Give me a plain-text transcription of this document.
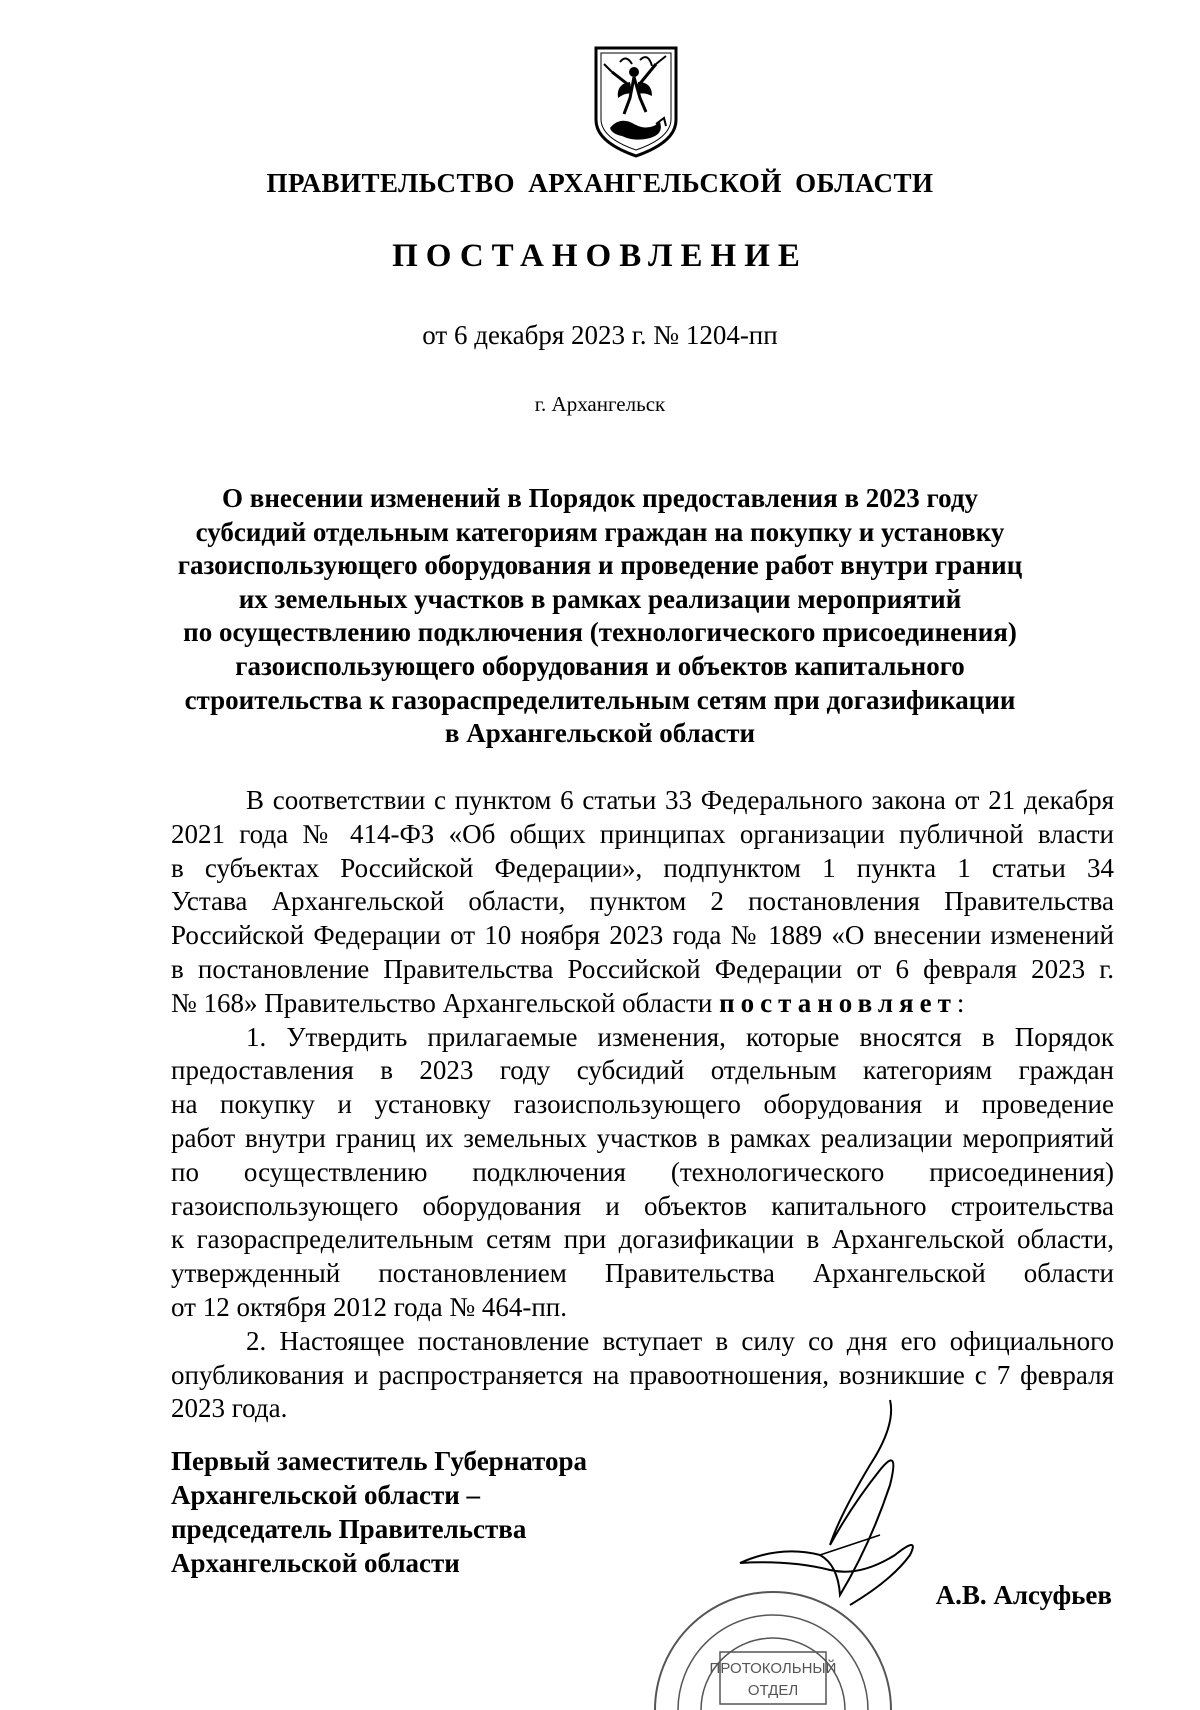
ПРАВИТЕЛЬСТВО АРХАНГЕЛЬСКОЙ ОБЛАСТИ
ПОСТАНОВЛЕНИЕ
от 6 декабря 2023 г. № 1204-пп
г. Архангельск
О внесении изменений в Порядок предоставления в 2023 году
субсидий отдельным категориям граждан на покупку и установку
газоиспользующего оборудования и проведение работ внутри границ
их земельных участков в рамках реализации мероприятий
по осуществлению подключения (технологического присоединения)
газоиспользующего оборудования и объектов капитального
строительства к газораспределительным сетям при догазификации
в Архангельской области
В соответствии с пунктом 6 статьи 33 Федерального закона от 21 декабря
2021 года № 414-ФЗ «Об общих принципах организации публичной власти
в субъектах Российской Федерации», подпунктом 1 пункта 1 статьи 34
Устава Архангельской области, пунктом 2 постановления Правительства
Российской Федерации от 10 ноября 2023 года № 1889 «О внесении изменений
в постановление Правительства Российской Федерации от 6 февраля 2023 г.
№ 168» Правительство Архангельской области постановляет:
1. Утвердить прилагаемые изменения, которые вносятся в Порядок
предоставления в 2023 году субсидий отдельным категориям граждан
на покупку и установку газоиспользующего оборудования и проведение
работ внутри границ их земельных участков в рамках реализации мероприятий
по осуществлению подключения (технологического присоединения)
газоиспользующего оборудования и объектов капитального строительства
к газораспределительным сетям при догазификации в Архангельской области,
утвержденный постановлением Правительства Архангельской области
от 12 октября 2012 года № 464-пп.
2. Настоящее постановление вступает в силу со дня его официального
опубликования и распространяется на правоотношения, возникшие с 7 февраля
2023 года.
Первый заместитель Губернатора
Архангельской области –
председатель Правительства
Архангельской области
А.В. Алсуфьев
ПРОТОКОЛЬНЫЙ
ОТДЕЛ
